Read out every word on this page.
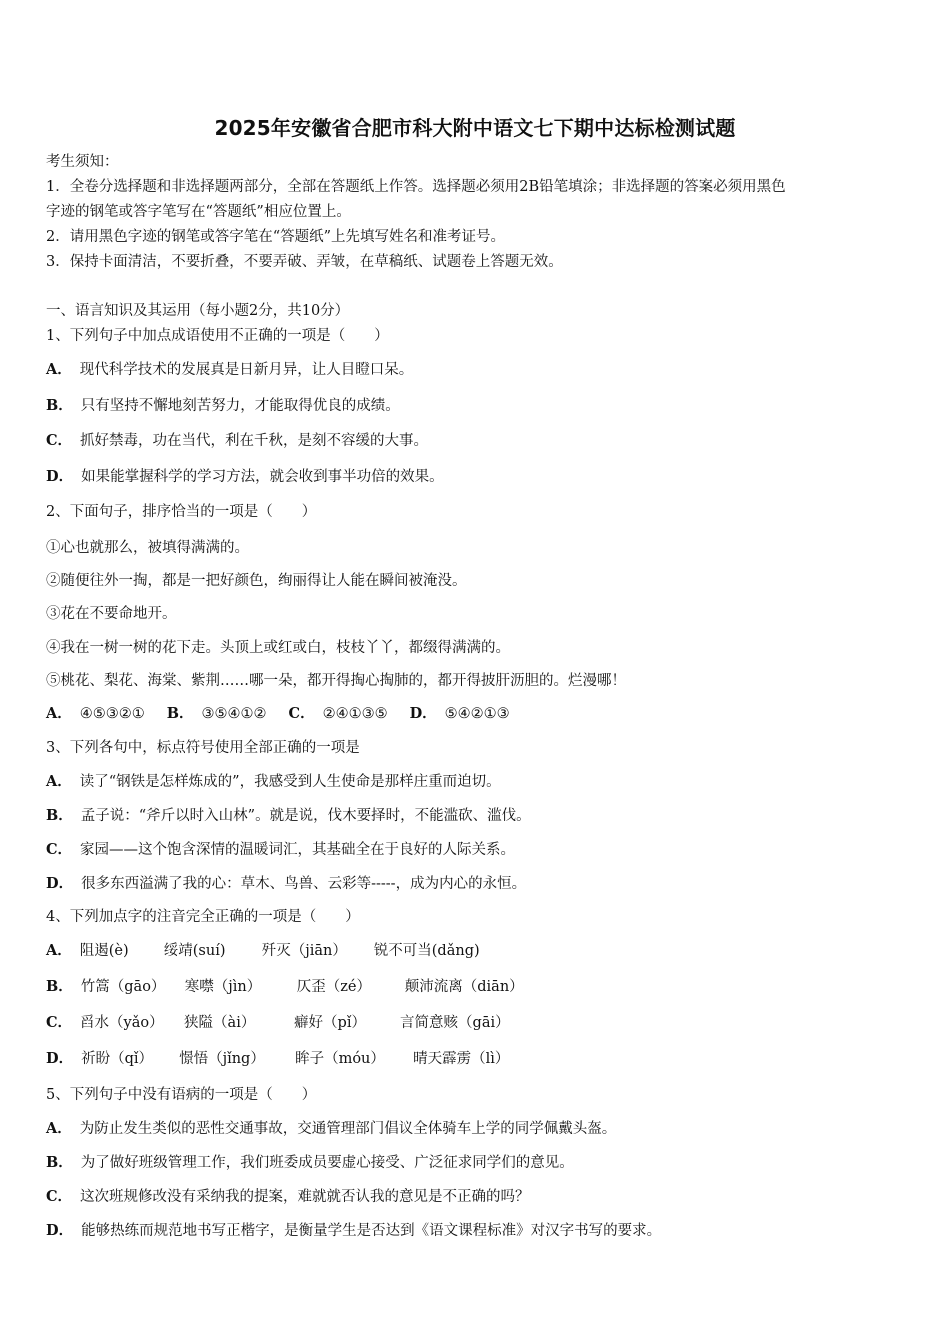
2025年安徽省合肥市科大附中语文七下期中达标检测试题
考生须知：
1．全卷分选择题和非选择题两部分，全部在答题纸上作答。选择题必须用2B铅笔填涂；非选择题的答案必须用黑色
字迹的钢笔或答字笔写在“答题纸”相应位置上。
2．请用黑色字迹的钢笔或答字笔在“答题纸”上先填写姓名和准考证号。
3．保持卡面清洁，不要折叠，不要弄破、弄皱，在草稿纸、试题卷上答题无效。
一、语言知识及其运用（每小题2分，共10分）
1、下列句子中加点成语使用不正确的一项是（　　）
A． 现代科学技术的发展真是日新月异，让人目瞪口呆。
B． 只有坚持不懈地刻苦努力，才能取得优良的成绩。
C． 抓好禁毒，功在当代，利在千秋，是刻不容缓的大事。
D． 如果能掌握科学的学习方法，就会收到事半功倍的效果。
2、下面句子，排序恰当的一项是（　　）
①心也就那么，被填得满满的。
②随便往外一掏，都是一把好颜色，绚丽得让人能在瞬间被淹没。
③花在不要命地开。
④我在一树一树的花下走。头顶上或红或白，枝枝丫丫，都缀得满满的。
⑤桃花、梨花、海棠、紫荆……哪一朵，都开得掏心掏肺的，都开得披肝沥胆的。烂漫哪！
A． ④⑤③②① B． ③⑤④①② C． ②④①③⑤ D． ⑤④②①③
3、下列各句中，标点符号使用全部正确的一项是
A． 读了“钢铁是怎样炼成的”，我感受到人生使命是那样庄重而迫切。
B． 孟子说：“斧斤以时入山林”。就是说，伐木要择时，不能滥砍、滥伐。
C． 家园——这个饱含深情的温暖词汇，其基础全在于良好的人际关系。
D． 很多东西溢满了我的心：草木、鸟兽、云彩等-----，成为内心的永恒。
4、下列加点字的注音完全正确的一项是（　　）
A． 阻遏(è) 绥靖(suí)	歼灭（jiān） 锐不可当(dǎng)
B． 竹篙（gāo） 寒噤（jìn） 仄歪（zé） 颠沛流离（diān）
C． 舀水（yǎo） 狭隘（ài）	癖好（pǐ） 言简意赅（gāi）
D． 祈盼（qǐ） 憬悟（jǐng） 眸子（móu） 晴天霹雳（lì）
5、下列句子中没有语病的一项是（　　）
A． 为防止发生类似的恶性交通事故，交通管理部门倡议全体骑车上学的同学佩戴头盔。
B． 为了做好班级管理工作，我们班委成员要虚心接受、广泛征求同学们的意见。
C． 这次班规修改没有采纳我的提案，难就就否认我的意见是不正确的吗？
D． 能够热练而规范地书写正楷字，是衡量学生是否达到《语文课程标准》对汉字书写的要求。
